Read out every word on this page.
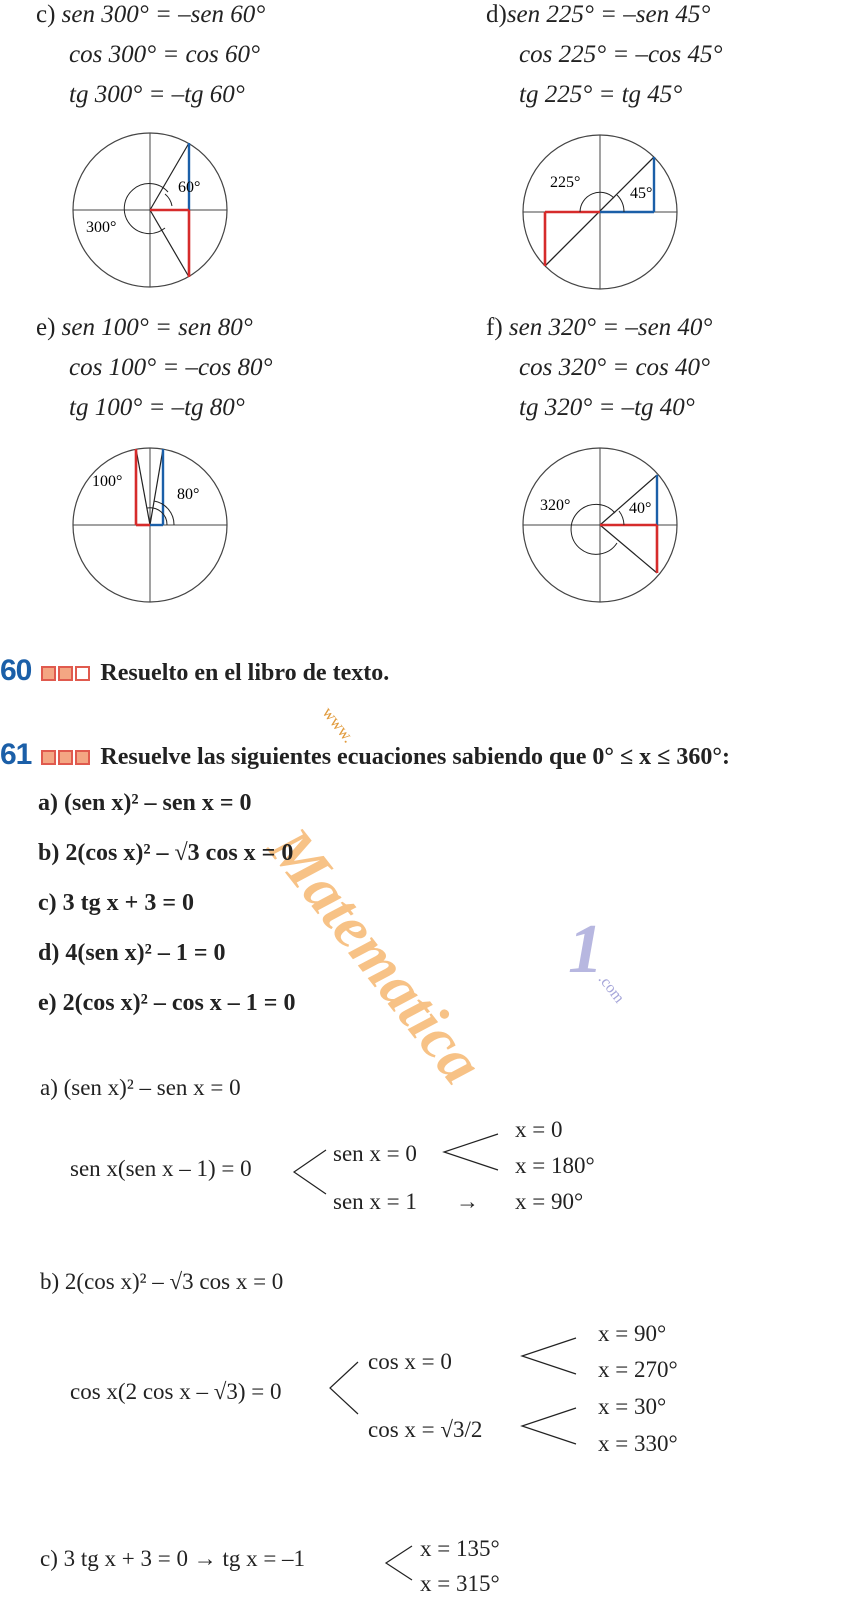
c) sen 300° = –sen 60°
cos 300° = cos 60°
tg 300° = –tg 60°
d)sen 225° = –sen 45°
cos 225° = –cos 45°
tg 225° = tg 45°
60°
300°
225°
45°
e) sen 100° = sen 80°
cos 100° = –cos 80°
tg 100° = –tg 80°
f) sen 320° = –sen 40°
cos 320° = cos 40°
tg 320° = –tg 40°
100°
80°
320°	40°
www.
Matematica 1
.com
60	Resuelto en el libro de texto.
61	Resuelve las siguientes ecuaciones sabiendo que 0° ≤ x ≤ 360°:
a) (sen x)² – sen x = 0
b) 2(cos x)² – √3 cos x = 0
c) 3 tg x + 3 = 0
d) 4(sen x)² – 1 = 0
e) 2(cos x)² – cos x – 1 = 0
a) (sen x)² – sen x = 0
sen x(sen x – 1) = 0
sen x = 0
sen x = 1 →
x = 0
x = 180°
x = 90°
b) 2(cos x)² – √3 cos x = 0
cos x(2 cos x – √3) = 0
cos x = 0
cos x = √3/2
x = 90°
x = 270°
x = 30°
x = 330°
c) 3 tg x + 3 = 0 → tg x = –1	x = 135°
x = 315°
